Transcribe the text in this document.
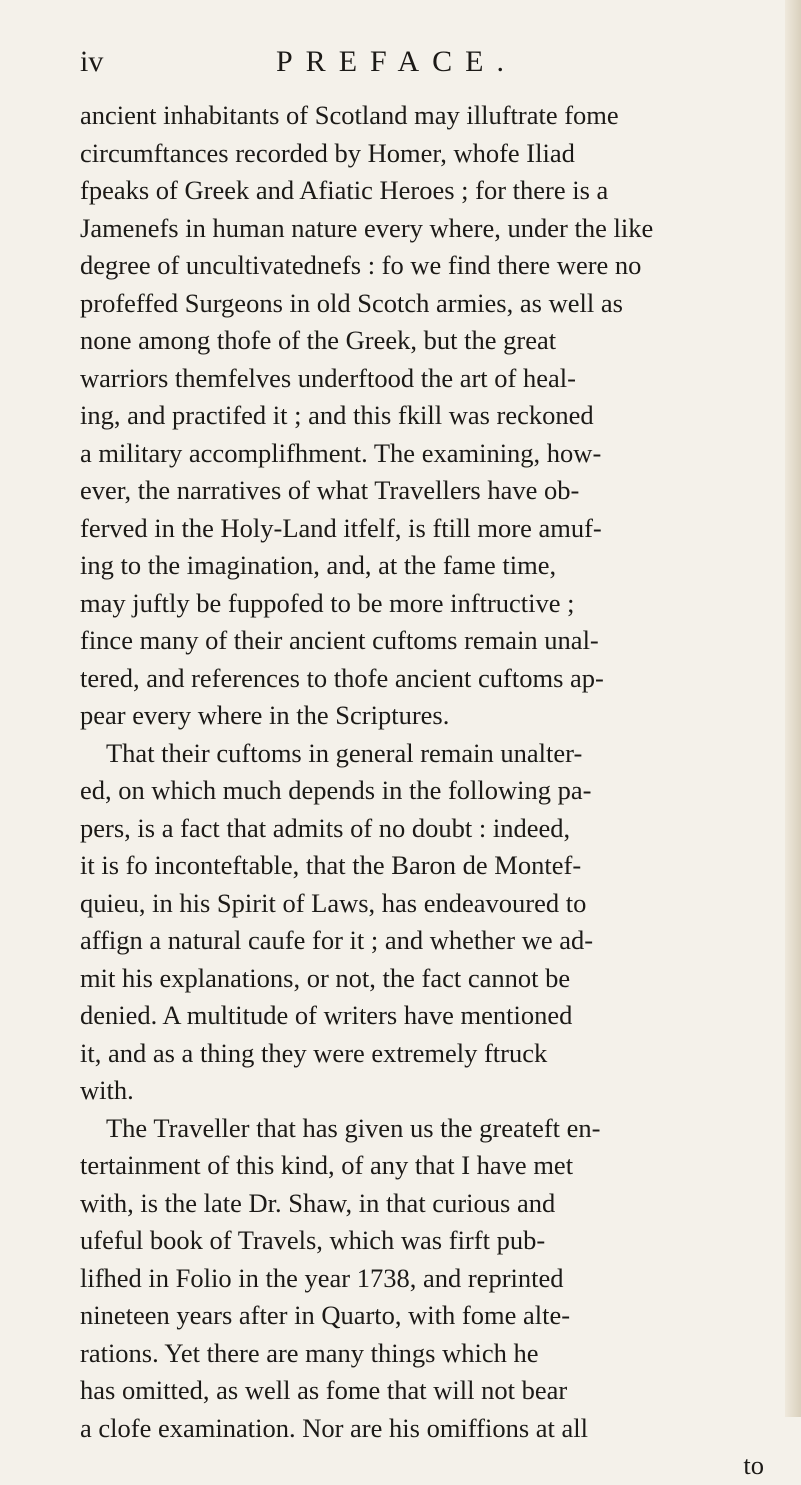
iv	PREFACE.
ancient inhabitants of Scotland may illuftrate fome
circumftances recorded by Homer, whofe Iliad
fpeaks of Greek and Afiatic Heroes ; for there is a
Jamenefs in human nature every where, under the like
degree of uncultivatednefs : fo we find there were no
profeffed Surgeons in old Scotch armies, as well as
none among thofe of the Greek, but the great
warriors themfelves underftood the art of heal-
ing, and practifed it ; and this fkill was reckoned
a military accomplifhment. The examining, how-
ever, the narratives of what Travellers have ob-
ferved in the Holy-Land itfelf, is ftill more amuf-
ing to the imagination, and, at the fame time,
may juftly be fuppofed to be more inftructive ;
fince many of their ancient cuftoms remain unal-
tered, and references to thofe ancient cuftoms ap-
pear every where in the Scriptures.
That their cuftoms in general remain unalter-
ed, on which much depends in the following pa-
pers, is a fact that admits of no doubt : indeed,
it is fo inconteftable, that the Baron de Montef-
quieu, in his Spirit of Laws, has endeavoured to
affign a natural caufe for it ; and whether we ad-
mit his explanations, or not, the fact cannot be
denied. A multitude of writers have mentioned
it, and as a thing they were extremely ftruck
with.
The Traveller that has given us the greateft en-
tertainment of this kind, of any that I have met
with, is the late Dr. Shaw, in that curious and
ufeful book of Travels, which was firft pub-
lifhed in Folio in the year 1738, and reprinted
nineteen years after in Quarto, with fome alte-
rations. Yet there are many things which he
has omitted, as well as fome that will not bear
a clofe examination. Nor are his omiffions at all
to
